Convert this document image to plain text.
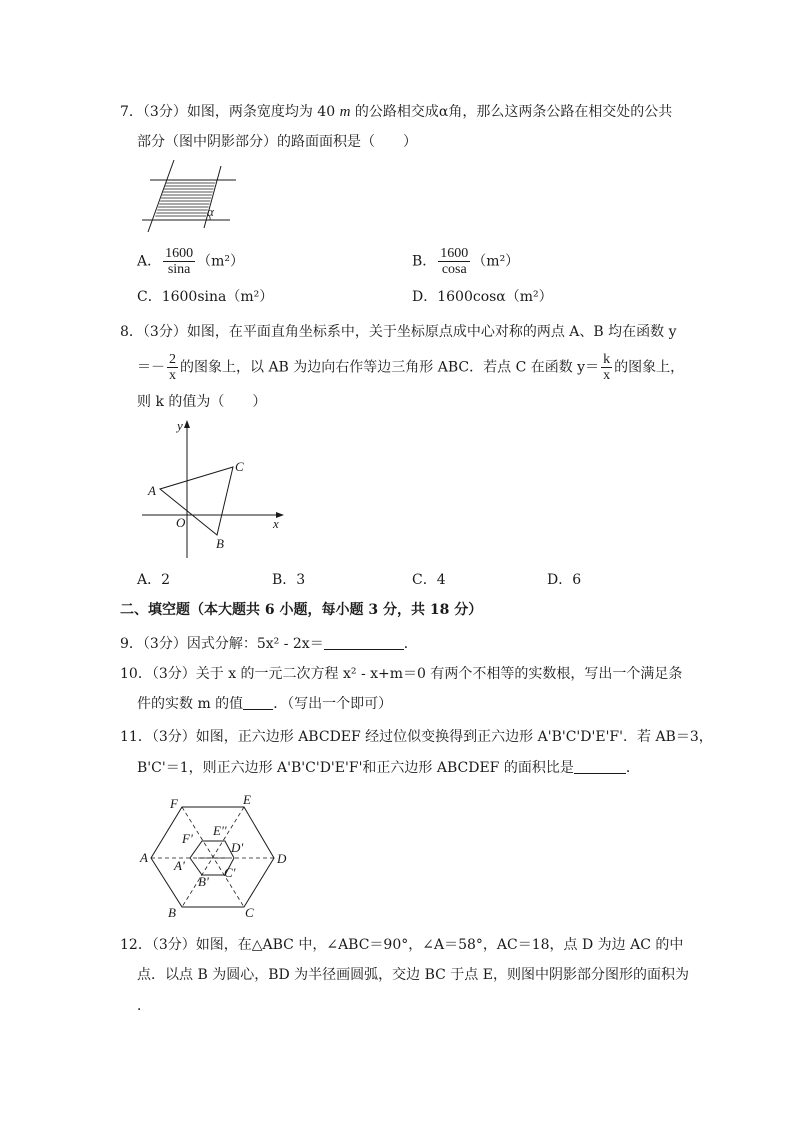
7．（3分）如图，两条宽度均为 40 m 的公路相交成α角，那么这两条公路在相交处的公共
部分（图中阴影部分）的路面面积是（　　）
α
A． $\frac{1600}{\sin a} (m^2)$	B． $\frac{1600}{\cos a} (m^2)$
C．1600sina（m²）	D．1600cosα（m²）
8．（3分）如图，在平面直角坐标系中，关于坐标原点成中心对称的两点 A、B 均在函数 y
＝－ $\frac{2}{x}$ 的图象上，以 AB 为边向右作等边三角形 ABC．若点 C 在函数 $y= \frac{k}{x}$ 的图象上，
则 k 的值为（　　）
y
x
O
A
B
C
A．2	B．3	C．4	D．6
二、填空题（本大题共 6 小题，每小题 3 分，共 18 分）
9．（3分）因式分解：5x² - 2x＝	．
10．（3分）关于 x 的一元二次方程 x² - x+m＝0 有两个不相等的实数根，写出一个满足条
件的实数 m 的值 ．（写出一个即可）
11．（3分）如图，正六边形 ABCDEF 经过位似变换得到正六边形 A'B'C'D'E'F'．若 AB＝3，
B'C'＝1，则正六边形 A'B'C'D'E'F'和正六边形 ABCDEF 的面积比是	．
F	E
A	D
B	C
F'
E''
D'
A'	C'
B'
12．（3分）如图，在△ABC 中，∠ABC＝90°，∠A＝58°，AC＝18，点 D 为边 AC 的中
点．以点 B 为圆心，BD 为半径画圆弧，交边 BC 于点 E，则图中阴影部分图形的面积为
．
